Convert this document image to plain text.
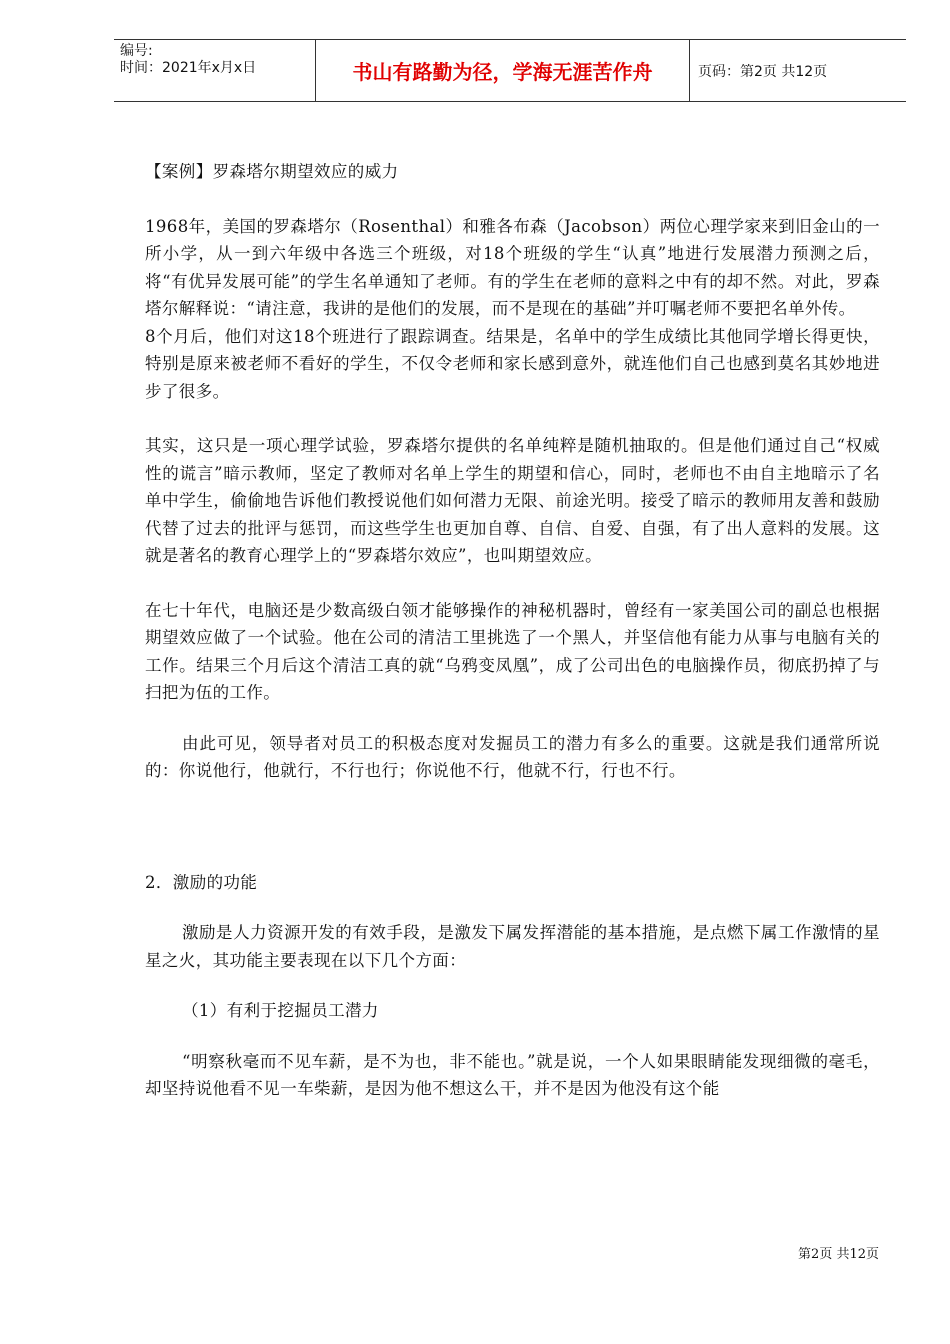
编号:
时间：2021年x月x日	书山有路勤为径，学海无涯苦作舟	页码：第2页 共12页

【案例】罗森塔尔期望效应的威力

1968年，美国的罗森塔尔（Rosenthal）和雅各布森（Jacobson）两位心理学家来到旧金山的一所小学，从一到六年级中各选三个班级，对18个班级的学生“认真”地进行发展潜力预测之后，将“有优异发展可能”的学生名单通知了老师。有的学生在老师的意料之中有的却不然。对此，罗森塔尔解释说：“请注意，我讲的是他们的发展，而不是现在的基础”并叮嘱老师不要把名单外传。

8个月后，他们对这18个班进行了跟踪调查。结果是，名单中的学生成绩比其他同学增长得更快，特别是原来被老师不看好的学生，不仅令老师和家长感到意外，就连他们自己也感到莫名其妙地进步了很多。

其实，这只是一项心理学试验，罗森塔尔提供的名单纯粹是随机抽取的。但是他们通过自己“权威性的谎言”暗示教师，坚定了教师对名单上学生的期望和信心，同时，老师也不由自主地暗示了名单中学生，偷偷地告诉他们教授说他们如何潜力无限、前途光明。接受了暗示的教师用友善和鼓励代替了过去的批评与惩罚，而这些学生也更加自尊、自信、自爱、自强，有了出人意料的发展。这就是著名的教育心理学上的“罗森塔尔效应”，也叫期望效应。

在七十年代，电脑还是少数高级白领才能够操作的神秘机器时，曾经有一家美国公司的副总也根据期望效应做了一个试验。他在公司的清洁工里挑选了一个黑人，并坚信他有能力从事与电脑有关的工作。结果三个月后这个清洁工真的就“乌鸦变凤凰”，成了公司出色的电脑操作员，彻底扔掉了与扫把为伍的工作。

由此可见，领导者对员工的积极态度对发掘员工的潜力有多么的重要。这就是我们通常所说的：你说他行，他就行，不行也行；你说他不行，他就不行，行也不行。

2．激励的功能

激励是人力资源开发的有效手段，是激发下属发挥潜能的基本措施，是点燃下属工作激情的星星之火，其功能主要表现在以下几个方面：

（1）有利于挖掘员工潜力

“明察秋毫而不见车薪，是不为也，非不能也。”就是说，一个人如果眼睛能发现细微的毫毛，却坚持说他看不见一车柴薪，是因为他不想这么干，并不是因为他没有这个能

第2页 共12页
